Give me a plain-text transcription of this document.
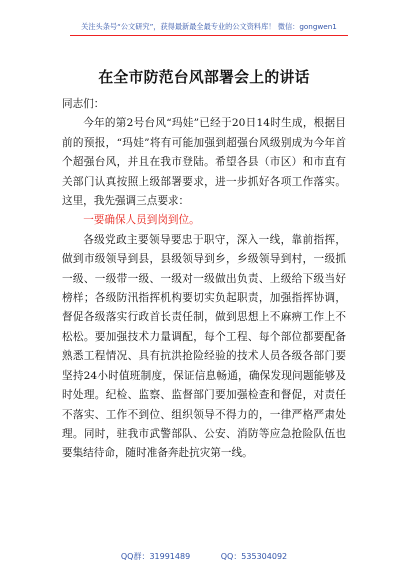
关注头条号“公文研究”，获得最新最全最专业的公文资料库！ 微信：gongwen1
在全市防范台风部署会上的讲话

同志们：

今年的第2号台风“玛娃”已经于20日14时生成，根据目前的预报，“玛娃”将有可能加强到超强台风级别成为今年首个超强台风，并且在我市登陆。希望各县（市区）和市直有关部门认真按照上级部署要求，进一步抓好各项工作落实。这里，我先强调三点要求：

一要确保人员到岗到位。

各级党政主要领导要忠于职守，深入一线，靠前指挥，做到市级领导到县，县级领导到乡，乡级领导到村，一级抓一级、一级带一级、一级对一级做出负责、上级给下级当好榜样；各级防汛指挥机构要切实负起职责，加强指挥协调，督促各级落实行政首长责任制，做到思想上不麻痹工作上不松松。要加强技术力量调配，每个工程、每个部位都要配备熟悉工程情况、具有抗洪抢险经验的技术人员各级各部门要坚持24小时值班制度，保证信息畅通，确保发现问题能够及时处理。纪检、监察、监督部门要加强检查和督促，对责任不落实、工作不到位、组织领导不得力的，一律严格严肃处理。同时，驻我市武警部队、公安、消防等应急抢险队伍也要集结待命，随时准备奔赴抗灾第一线。

QQ群：31991489	QQ：535304092
